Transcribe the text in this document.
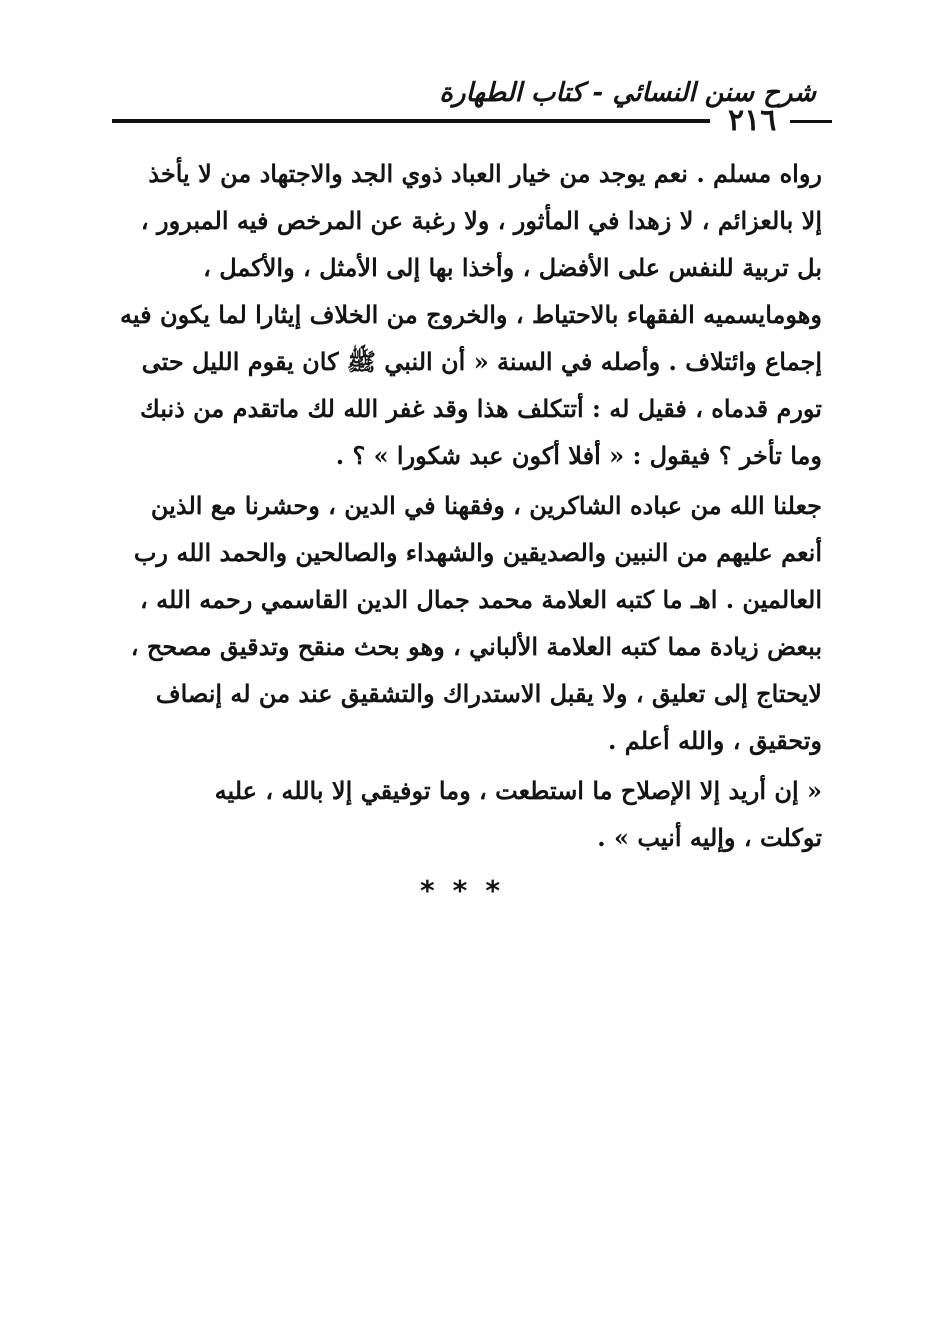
شرح سنن النسائي - كتاب الطهارة
٢١٦
رواه مسلم . نعم يوجد من خيار العباد ذوي الجد والاجتهاد من لا يأخذ
إلا بالعزائم ، لا زهدا في المأثور ، ولا رغبة عن المرخص فيه المبرور ،
بل تربية للنفس على الأفضل ، وأخذا بها إلى الأمثل ، والأكمل ،
وهومايسميه الفقهاء بالاحتياط ، والخروج من الخلاف إيثارا لما يكون فيه
إجماع وائتلاف . وأصله في السنة « أن النبي ﷺ كان يقوم الليل حتى
تورم قدماه ، فقيل له : أتتكلف هذا وقد غفر الله لك ماتقدم من ذنبك
وما تأخر ؟ فيقول : « أفلا أكون عبد شكورا » ؟ .
جعلنا الله من عباده الشاكرين ، وفقهنا في الدين ، وحشرنا مع الذين
أنعم عليهم من النبين والصديقين والشهداء والصالحين والحمد الله رب
العالمين . اهـ ما كتبه العلامة محمد جمال الدين القاسمي رحمه الله ،
ببعض زيادة مما كتبه العلامة الألباني ، وهو بحث منقح وتدقيق مصحح ،
لايحتاج إلى تعليق ، ولا يقبل الاستدراك والتشقيق عند من له إنصاف
وتحقيق ، والله أعلم .
« إن أريد إلا الإصلاح ما استطعت ، وما توفيقي إلا بالله ، عليه
توكلت ، وإليه أنيب » .
***
